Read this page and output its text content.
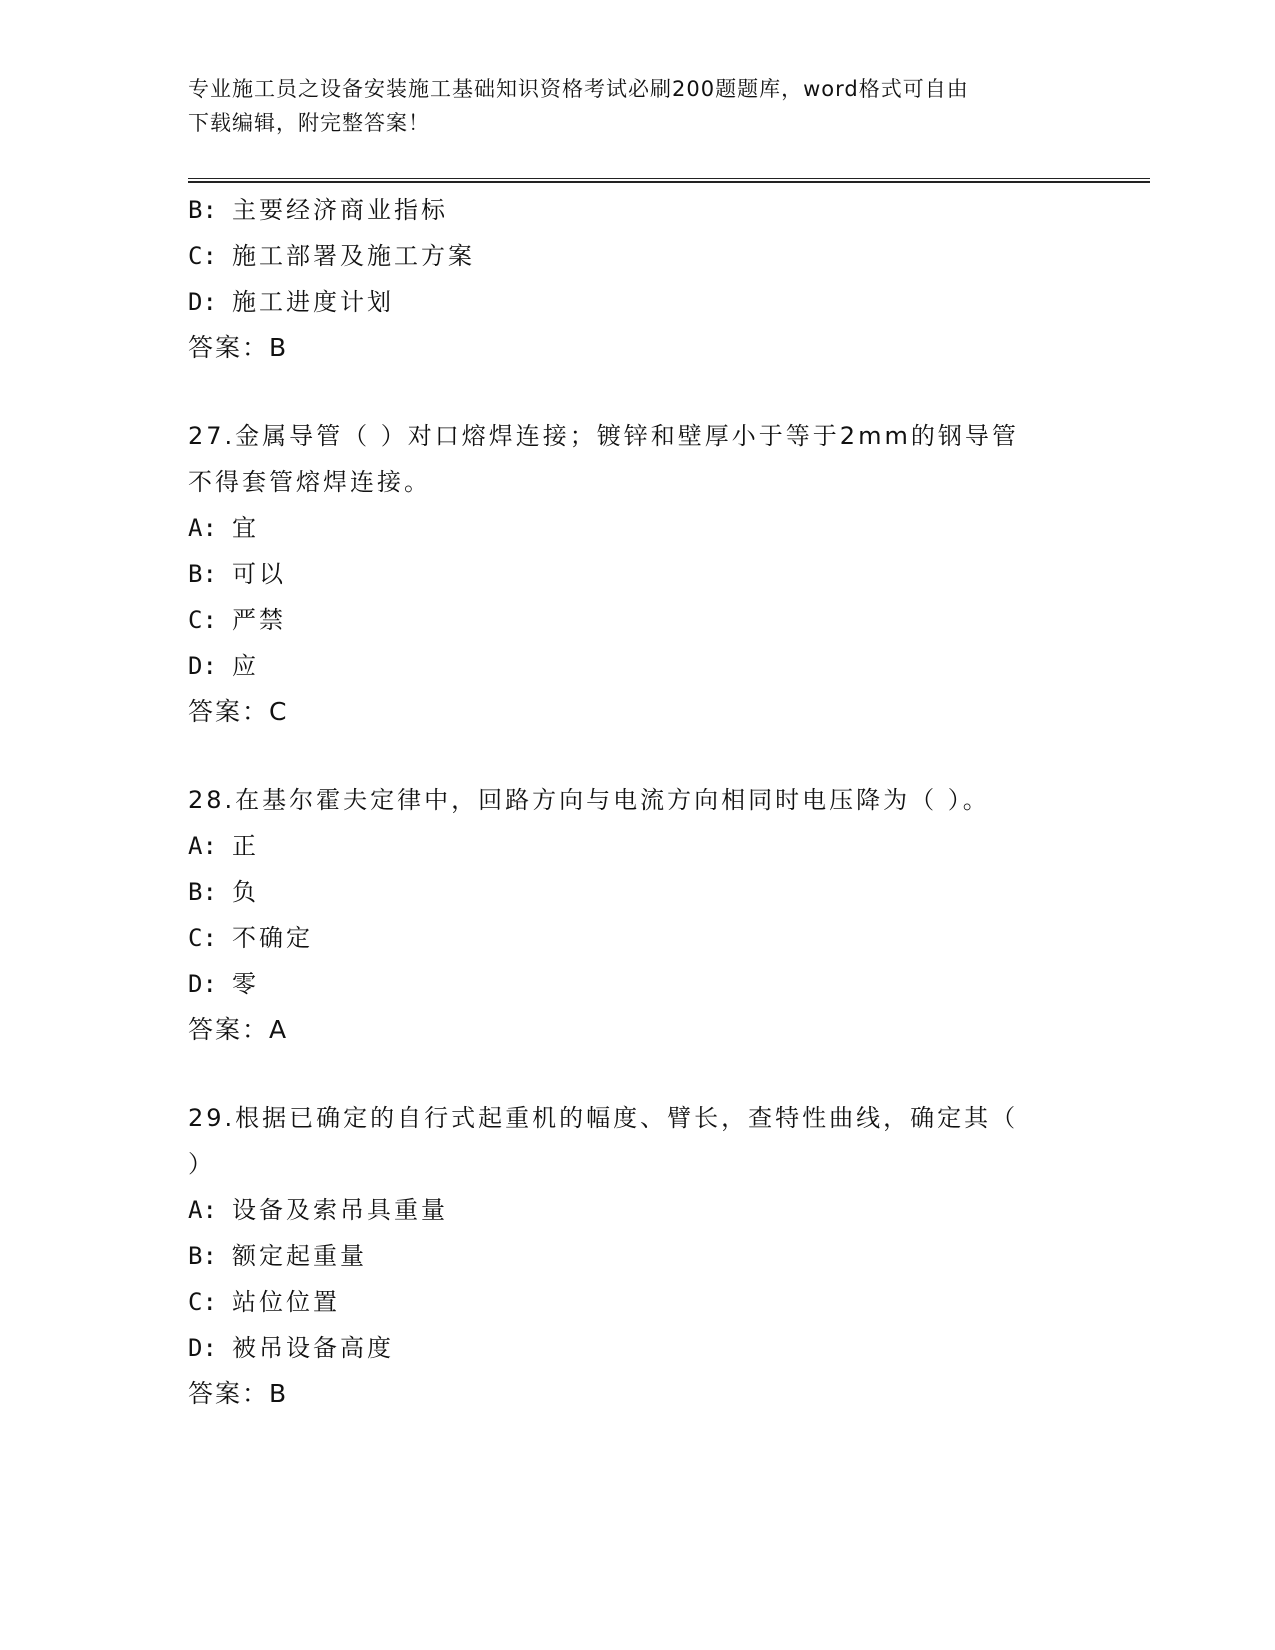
专业施工员之设备安装施工基础知识资格考试必刷200题题库，word格式可自由
下载编辑，附完整答案！
B: 主要经济商业指标
C: 施工部署及施工方案
D: 施工进度计划
答案：B
27.金属导管（ ）对口熔焊连接；镀锌和壁厚小于等于2mm的钢导管
不得套管熔焊连接。
A: 宜
B: 可以
C: 严禁
D: 应
答案：C
28.在基尔霍夫定律中，回路方向与电流方向相同时电压降为（ ）。
A: 正
B: 负
C: 不确定
D: 零
答案：A
29.根据已确定的自行式起重机的幅度、臂长，查特性曲线，确定其（
）
A: 设备及索吊具重量
B: 额定起重量
C: 站位位置
D: 被吊设备高度
答案：B
